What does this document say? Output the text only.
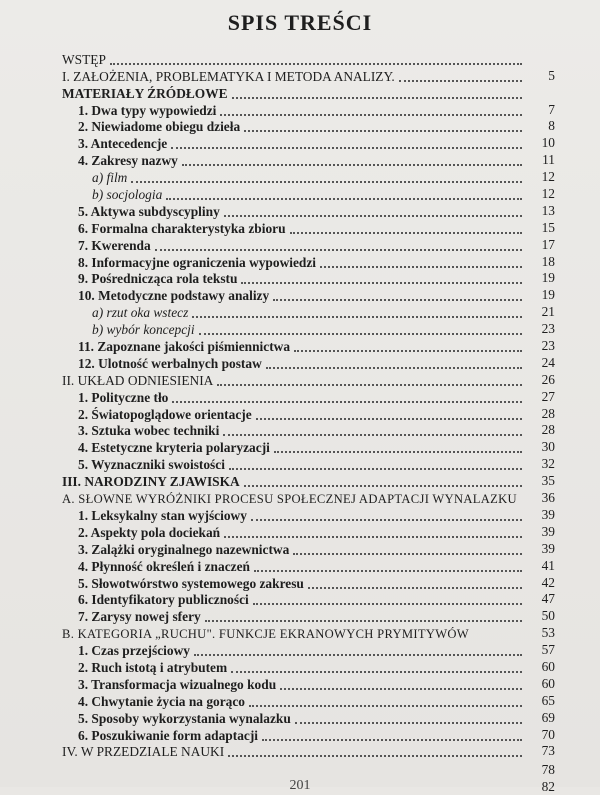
SPIS TREŚCI
WSTĘP
I. ZAŁOŻENIA, PROBLEMATYKA I METODA ANALIZY.	5
MATERIAŁY ŹRÓDŁOWE
1. Dwa typy wypowiedzi	7
2. Niewiadome obiegu dzieła	8
3. Antecedencje	10
4. Zakresy nazwy	11
a) film	12
b) socjologia	12
5. Aktywa subdyscypliny	13
6. Formalna charakterystyka zbioru	15
7. Kwerenda	17
8. Informacyjne ograniczenia wypowiedzi	18
9. Pośrednicząca rola tekstu	19
10. Metodyczne podstawy analizy	19
a) rzut oka wstecz	21
b) wybór koncepcji	23
11. Zapoznane jakości piśmiennictwa	23
12. Ulotność werbalnych postaw	24
II. UKŁAD ODNIESIENIA	26
1. Polityczne tło	27
2. Światopoglądowe orientacje	28
3. Sztuka wobec techniki	28
4. Estetyczne kryteria polaryzacji	30
5. Wyznaczniki swoistości	32
III. NARODZINY ZJAWISKA	35
A. SŁOWNE WYRÓŻNIKI PROCESU SPOŁECZNEJ ADAPTACJI WYNALAZKU 36
1. Leksykalny stan wyjściowy	39
2. Aspekty pola dociekań	39
3. Zalążki oryginalnego nazewnictwa	39
4. Płynność określeń i znaczeń	41
5. Słowotwórstwo systemowego zakresu	42
6. Identyfikatory publiczności	47
7. Zarysy nowej sfery	50
B. KATEGORIA „RUCHU". FUNKCJE EKRANOWYCH PRYMITYWÓW	53
1. Czas przejściowy	57
2. Ruch istotą i atrybutem	60
3. Transformacja wizualnego kodu	60
4. Chwytanie życia na gorąco	65
5. Sposoby wykorzystania wynalazku	69
6. Poszukiwanie form adaptacji	70
IV. W PRZEDZIALE NAUKI	73
201
78
82
